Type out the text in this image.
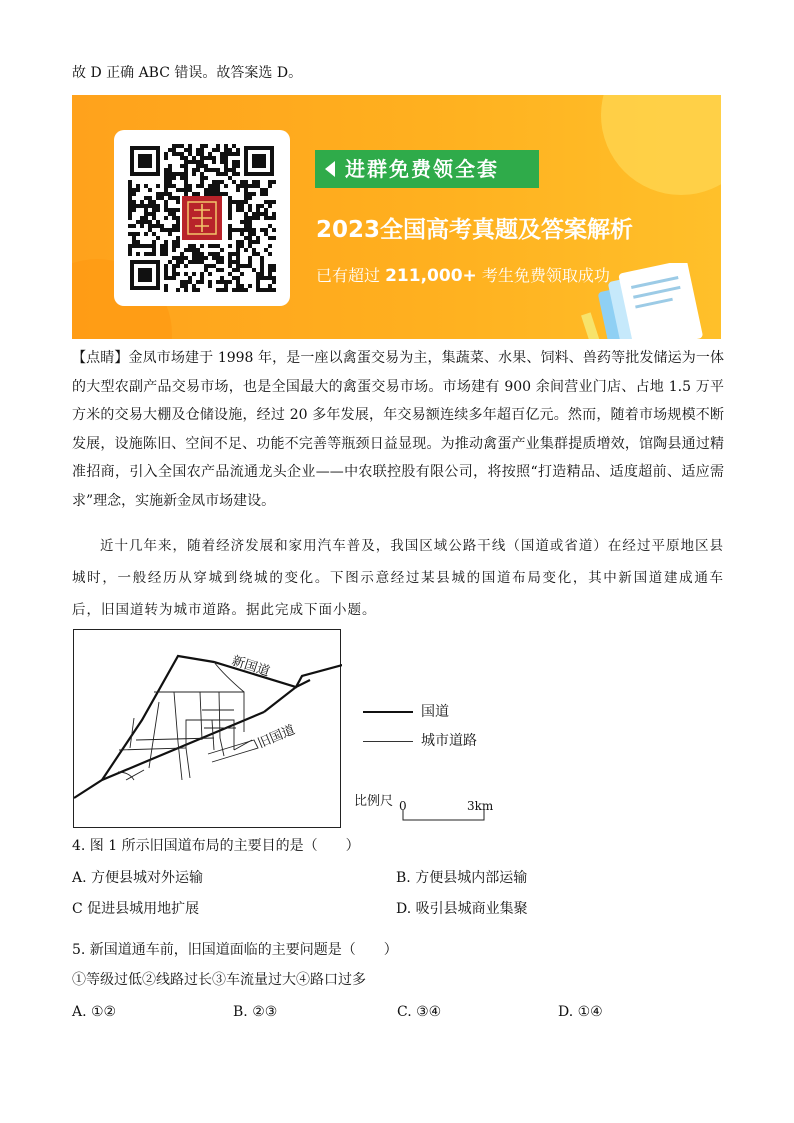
故 D 正确 ABC 错误。故答案选 D。
进群免费领全套
2023全国高考真题及答案解析
已有超过 211,000+ 考生免费领取成功
【点睛】金凤市场建于 1998 年，是一座以禽蛋交易为主，集蔬菜、水果、饲料、兽药等批发储运为一体的大型农副产品交易市场，也是全国最大的禽蛋交易市场。市场建有 900 余间营业门店、占地 1.5 万平方米的交易大棚及仓储设施，经过 20 多年发展，年交易额连续多年超百亿元。然而，随着市场规模不断发展，设施陈旧、空间不足、功能不完善等瓶颈日益显现。为推动禽蛋产业集群提质增效，馆陶县通过精准招商，引入全国农产品流通龙头企业——中农联控股有限公司，将按照“打造精品、适度超前、适应需求”理念，实施新金凤市场建设。
近十几年来，随着经济发展和家用汽车普及，我国区域公路干线（国道或省道）在经过平原地区县城时，一般经历从穿城到绕城的变化。下图示意经过某县城的国道布局变化，其中新国道建成通车后，旧国道转为城市道路。据此完成下面小题。
新国道
旧国道
国道
城市道路
比例尺 0	3km
4. 图 1 所示旧国道布局的主要目的是（　　）
A. 方便县城对外运输	B. 方便县城内部运输
C 促进县城用地扩展	D. 吸引县城商业集聚
5. 新国道通车前，旧国道面临的主要问题是（　　）
①等级过低②线路过长③车流量过大④路口过多
A. ①②	B. ②③	C. ③④	D. ①④
